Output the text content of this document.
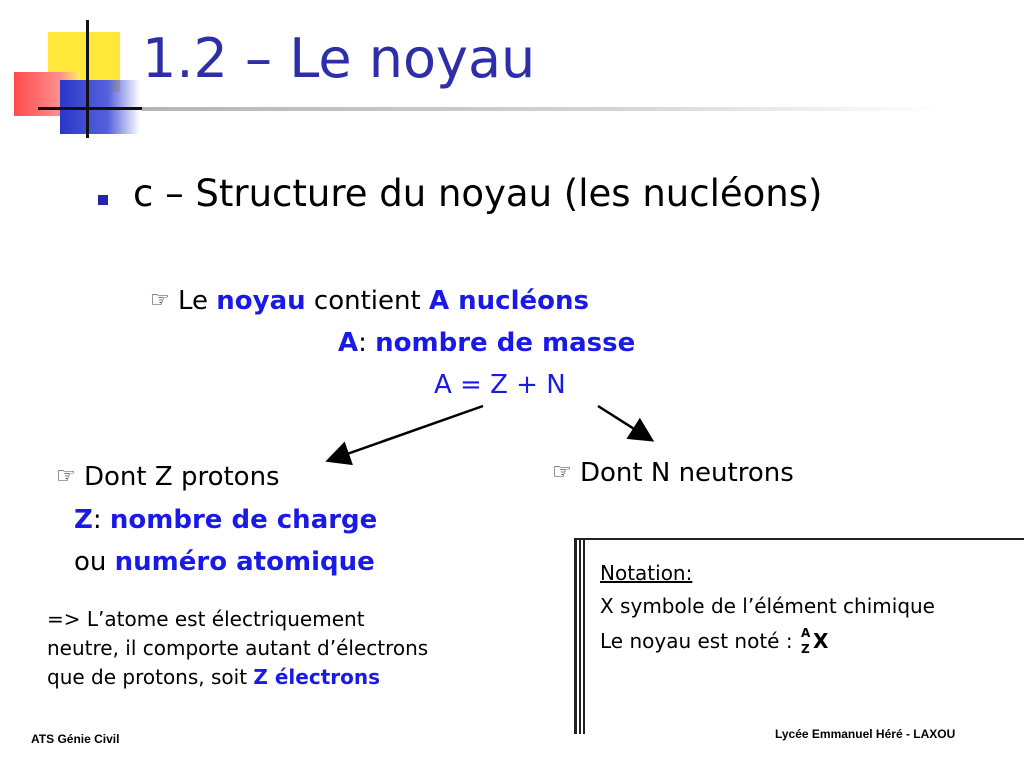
1.2 – Le noyau
c – Structure du noyau (les nucléons)
☞ Le noyau contient A nucléons
A: nombre de masse
A = Z + N
☞ Dont Z protons
Z: nombre de charge
ou numéro atomique
☞ Dont N neutrons
=> L’atome est électriquement
neutre, il comporte autant d’électrons
que de protons, soit Z électrons
Notation:
X symbole de l’élément chimique
Le noyau est noté : A
Z X
ATS Génie Civil	Lycée Emmanuel Héré - LAXOU
